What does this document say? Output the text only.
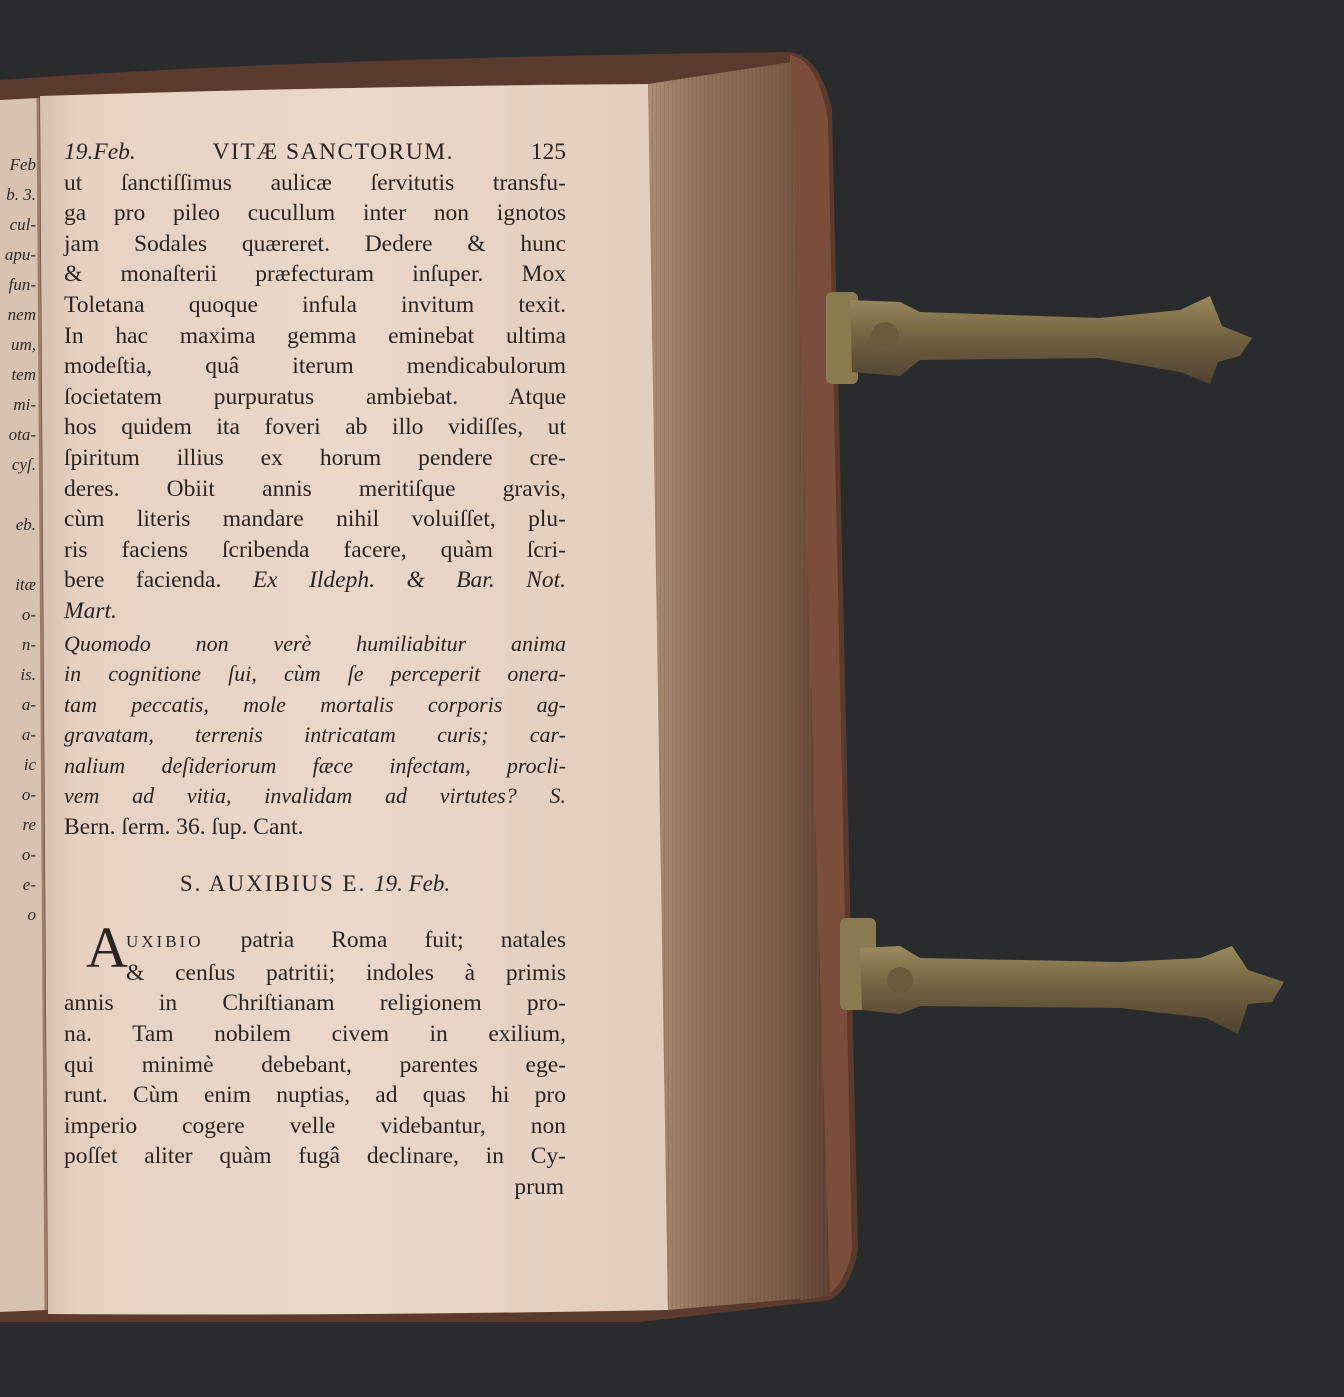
Feb
b. 3.
cul-
apu-
fun-
nem
um,
tem
mi-
ota-
cyſ.

eb.

itæ
o-
n-
is.
a-
a-
ic
o-
re
o-
e-
o
19.Feb.	VITÆ SANCTORUM.	125
ut ſanctiſſimus aulicæ ſervitutis transfu-
ga pro pileo cucullum inter non ignotos
jam Sodales quæreret. Dedere & hunc
& monaſterii præfecturam inſuper. Mox
Toletana quoque infula invitum texit.
In hac maxima gemma eminebat ultima
modeſtia, quâ iterum mendicabulorum
ſocietatem purpuratus ambiebat. Atque
hos quidem ita foveri ab illo vidiſſes, ut
ſpiritum illius ex horum pendere cre-
deres. Obiit annis meritiſque gravis,
cùm literis mandare nihil voluiſſet, plu-
ris faciens ſcribenda facere, quàm ſcri-
bere facienda. Ex Ildeph. & Bar. Not.
Mart.
Quomodo non verè humiliabitur anima
in cognitione ſui, cùm ſe perceperit onera-
tam peccatis, mole mortalis corporis ag-
gravatam, terrenis intricatam curis; car-
nalium deſideriorum fæce infectam, procli-
vem ad vitia, invalidam ad virtutes? S.
Bern. ſerm. 36. ſup. Cant.
S. AUXIBIUS E. 19. Feb.
A
UXIBIO patria Roma fuit; natales
& cenſus patritii; indoles à primis
annis in Chriſtianam religionem pro-
na. Tam nobilem civem in exilium,
qui minimè debebant, parentes ege-
runt. Cùm enim nuptias, ad quas hi pro
imperio cogere velle videbantur, non
poſſet aliter quàm fugâ declinare, in Cy-
prum
